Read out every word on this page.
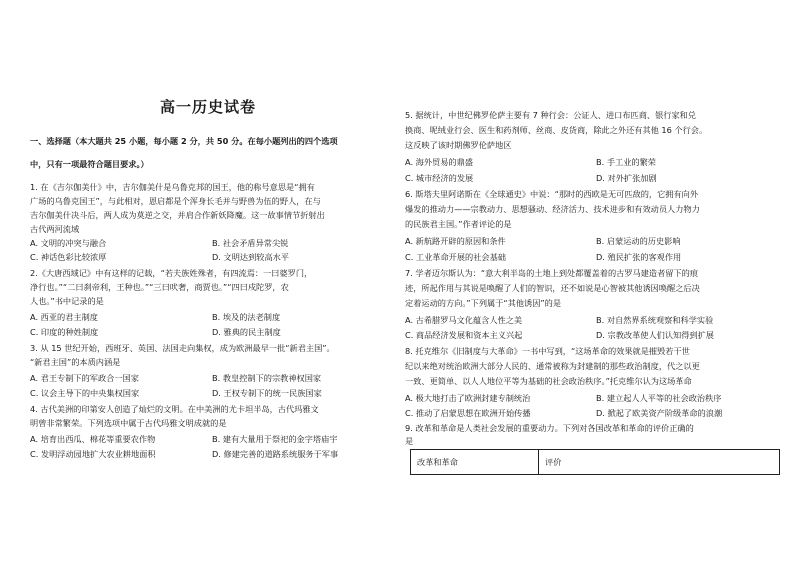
高一历史试卷
一、选择题（本大题共 25 小题，每小题 2 分，共 50 分。在每小题列出的四个选项
中，只有一项最符合题目要求。）
1. 在《吉尔伽美什》中，吉尔伽美什是乌鲁克邦的国王，他的称号意思是“拥有
广场的乌鲁克国王”，与此相对，恩启都是个浑身长毛并与野兽为伍的野人，在与
吉尔伽美什决斗后，两人成为莫逆之交，并肩合作新妖降魔。这一故事情节折射出
古代两河流域
A. 文明的冲突与融合	B. 社会矛盾异常尖锐
C. 神话色彩比较浓厚	D. 文明达到较高水平
2.《大唐西域记》中有这样的记载，“若夫族姓殊者，有四流焉：一曰婆罗门，
净行也。”“二曰刹帝利，王种也。”“三曰吠奢，商贾也。”“四曰戍陀罗，农
人也。”书中记录的是
A. 西亚的君主制度	B. 埃及的法老制度
C. 印度的种姓制度	D. 雅典的民主制度
3. 从 15 世纪开始，西班牙、英国、法国走向集权，成为欧洲最早一批“新君主国”。
“新君主国”的本质内涵是
A. 君王专制下的军政合一国家	B. 教皇控制下的宗教神权国家
C. 议会主导下的中央集权国家	D. 王权专制下的统一民族国家
4. 古代美洲的印第安人创造了灿烂的文明。在中美洲的尤卡坦半岛，古代玛雅文
明曾非常繁荣。下列选项中属于古代玛雅文明成就的是
A. 培育出西瓜、棉花等重要农作物	B. 建有大量用于祭祀的金字塔庙宇
C. 发明浮动园地扩大农业耕地面积	D. 修建完善的道路系统服务于军事
5. 据统计，中世纪佛罗伦萨主要有 7 种行会：公证人、进口布匹商、银行家和兑
换商、呢绒业行会、医生和药剂师、丝商、皮货商，除此之外还有其他 16 个行会。
这反映了该时期佛罗伦萨地区
A. 海外贸易的鼎盛	B. 手工业的繁荣
C. 城市经济的发展	D. 对外扩张加剧
6. 斯塔夫里阿诺斯在《全球通史》中说：“那时的西欧是无可匹敌的，它拥有向外
爆发的推动力——宗教动力、思想骚动、经济活力、技术进步和有效动员人力物力
的民族君主国。”作者评论的是
A. 新航路开辟的原因和条件	B. 启蒙运动的历史影响
C. 工业革命开展的社会基础	D. 殖民扩张的客观作用
7. 学者迈尔斯认为：“意大利半岛的土地上到处都覆盖着的古罗马建造者留下的痕
迹，所起作用与其说是唤醒了人们的智识，还不如说是心智被其他诱因唤醒之后决
定着运动的方向。”下列属于“其他诱因”的是
A. 古希腊罗马文化蕴含人性之美	B. 对自然界系统观察和科学实验
C. 商品经济发展和资本主义兴起	D. 宗教改革使人们认知得到扩展
8. 托克维尔《旧制度与大革命》一书中写到，“这场革命的效果就是摧毁若干世
纪以来绝对统治欧洲大部分人民的、通常被称为封建制的那些政治制度，代之以更
一致、更简单、以人人地位平等为基础的社会政治秩序。”托克维尔认为这场革命
A. 极大地打击了欧洲封建专制统治	B. 建立起人人平等的社会政治秩序
C. 推动了启蒙思想在欧洲开始传播	D. 掀起了欧美资产阶级革命的浪潮
9. 改革和革命是人类社会发展的重要动力。下列对各国改革和革命的评价正确的
改革和革命	评价
是
